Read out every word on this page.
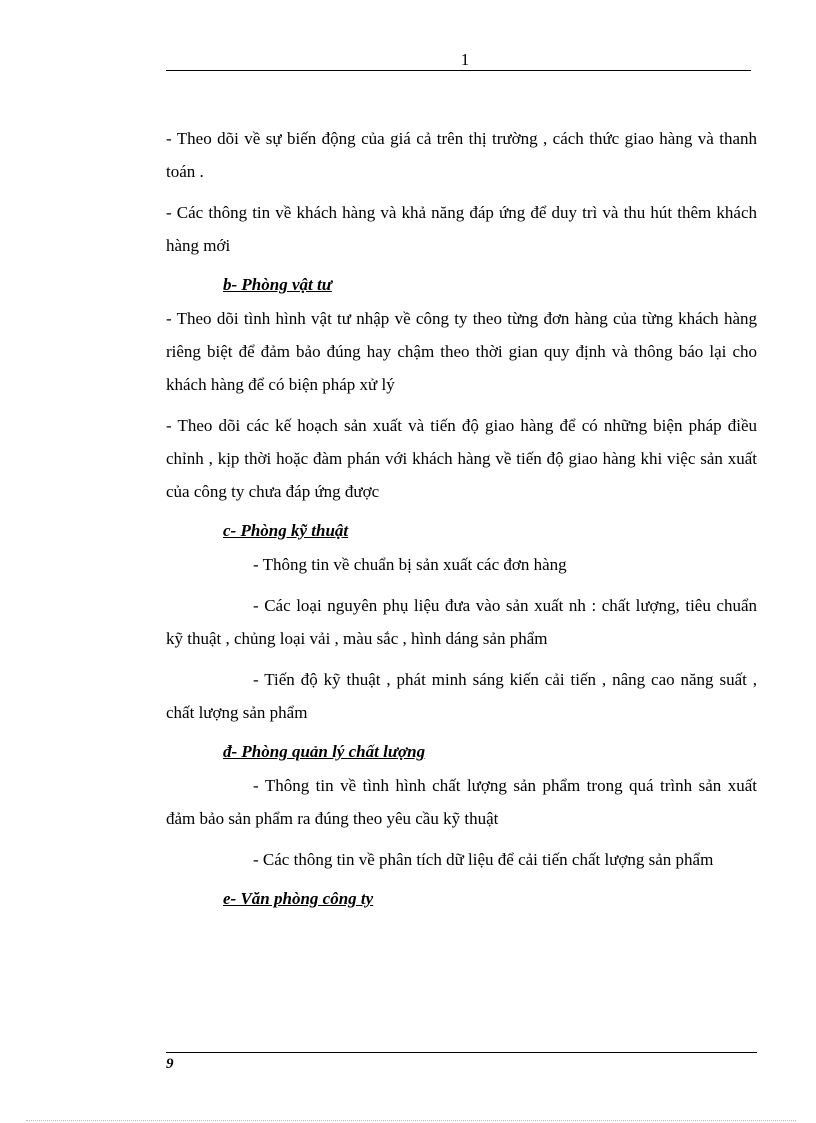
1

- Theo dõi về sự biến động của giá cả trên thị trường , cách thức giao hàng và thanh toán .

- Các thông tin về khách hàng và khả năng đáp ứng để duy trì và thu hút thêm khách hàng mới

b- Phòng vật tư

- Theo dõi tình hình vật tư nhập về công ty theo từng đơn hàng của từng khách hàng riêng biệt để đảm bảo đúng hay chậm theo thời gian quy định và thông báo lại cho khách hàng để có biện pháp xử lý

- Theo dõi các kế hoạch sản xuất và tiến độ giao hàng để có những biện pháp điều chỉnh , kịp thời hoặc đàm phán với khách hàng về tiến độ giao hàng khi việc sản xuất của công ty chưa đáp ứng được

c- Phòng kỹ thuật

- Thông tin về chuẩn bị sản xuất các đơn hàng

- Các loại nguyên phụ liệu đưa vào sản xuất nh : chất lượng, tiêu chuẩn kỹ thuật , chủng loại vải , màu sắc , hình dáng sản phẩm

- Tiến độ kỹ thuật , phát minh sáng kiến cải tiến , nâng cao năng suất , chất lượng sản phẩm

đ- Phòng quản lý chất lượng

- Thông tin về tình hình chất lượng sản phẩm trong quá trình sản xuất đảm bảo sản phẩm ra đúng theo yêu cầu kỹ thuật

- Các thông tin về phân tích dữ liệu để cải tiến chất lượng sản phẩm

e- Văn phòng công ty
9
